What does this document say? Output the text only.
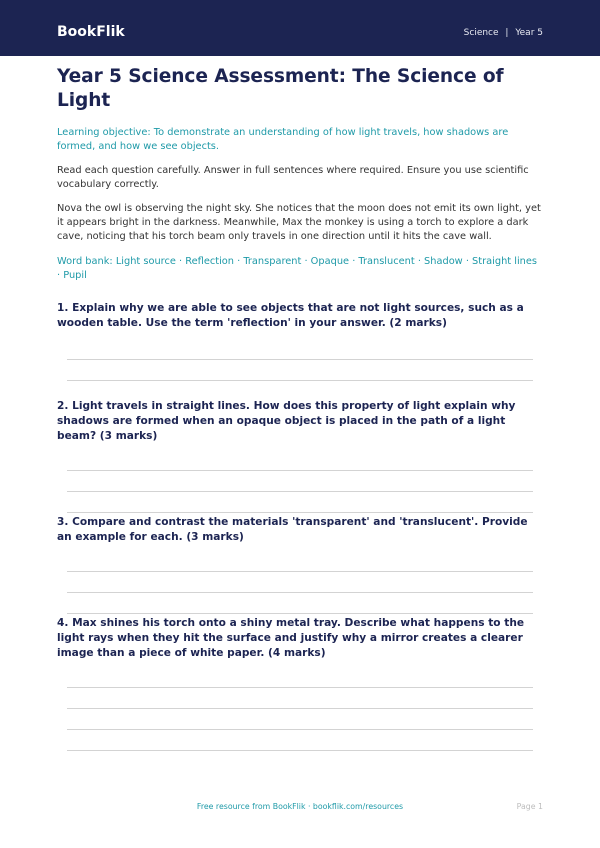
BookFlik	Science | Year 5
Year 5 Science Assessment: The Science of Light

Learning objective: To demonstrate an understanding of how light travels, how shadows are formed, and how we see objects.

Read each question carefully. Answer in full sentences where required. Ensure you use scientific vocabulary correctly.

Nova the owl is observing the night sky. She notices that the moon does not emit its own light, yet it appears bright in the darkness. Meanwhile, Max the monkey is using a torch to explore a dark cave, noticing that his torch beam only travels in one direction until it hits the cave wall.

Word bank: Light source · Reflection · Transparent · Opaque · Translucent · Shadow · Straight lines · Pupil

1. Explain why we are able to see objects that are not light sources, such as a wooden table. Use the term 'reflection' in your answer. (2 marks)

2. Light travels in straight lines. How does this property of light explain why shadows are formed when an opaque object is placed in the path of a light beam? (3 marks)

3. Compare and contrast the materials 'transparent' and 'translucent'. Provide an example for each. (3 marks)

4. Max shines his torch onto a shiny metal tray. Describe what happens to the light rays when they hit the surface and justify why a mirror creates a clearer image than a piece of white paper. (4 marks)

Free resource from BookFlik · bookflik.com/resources	Page 1
